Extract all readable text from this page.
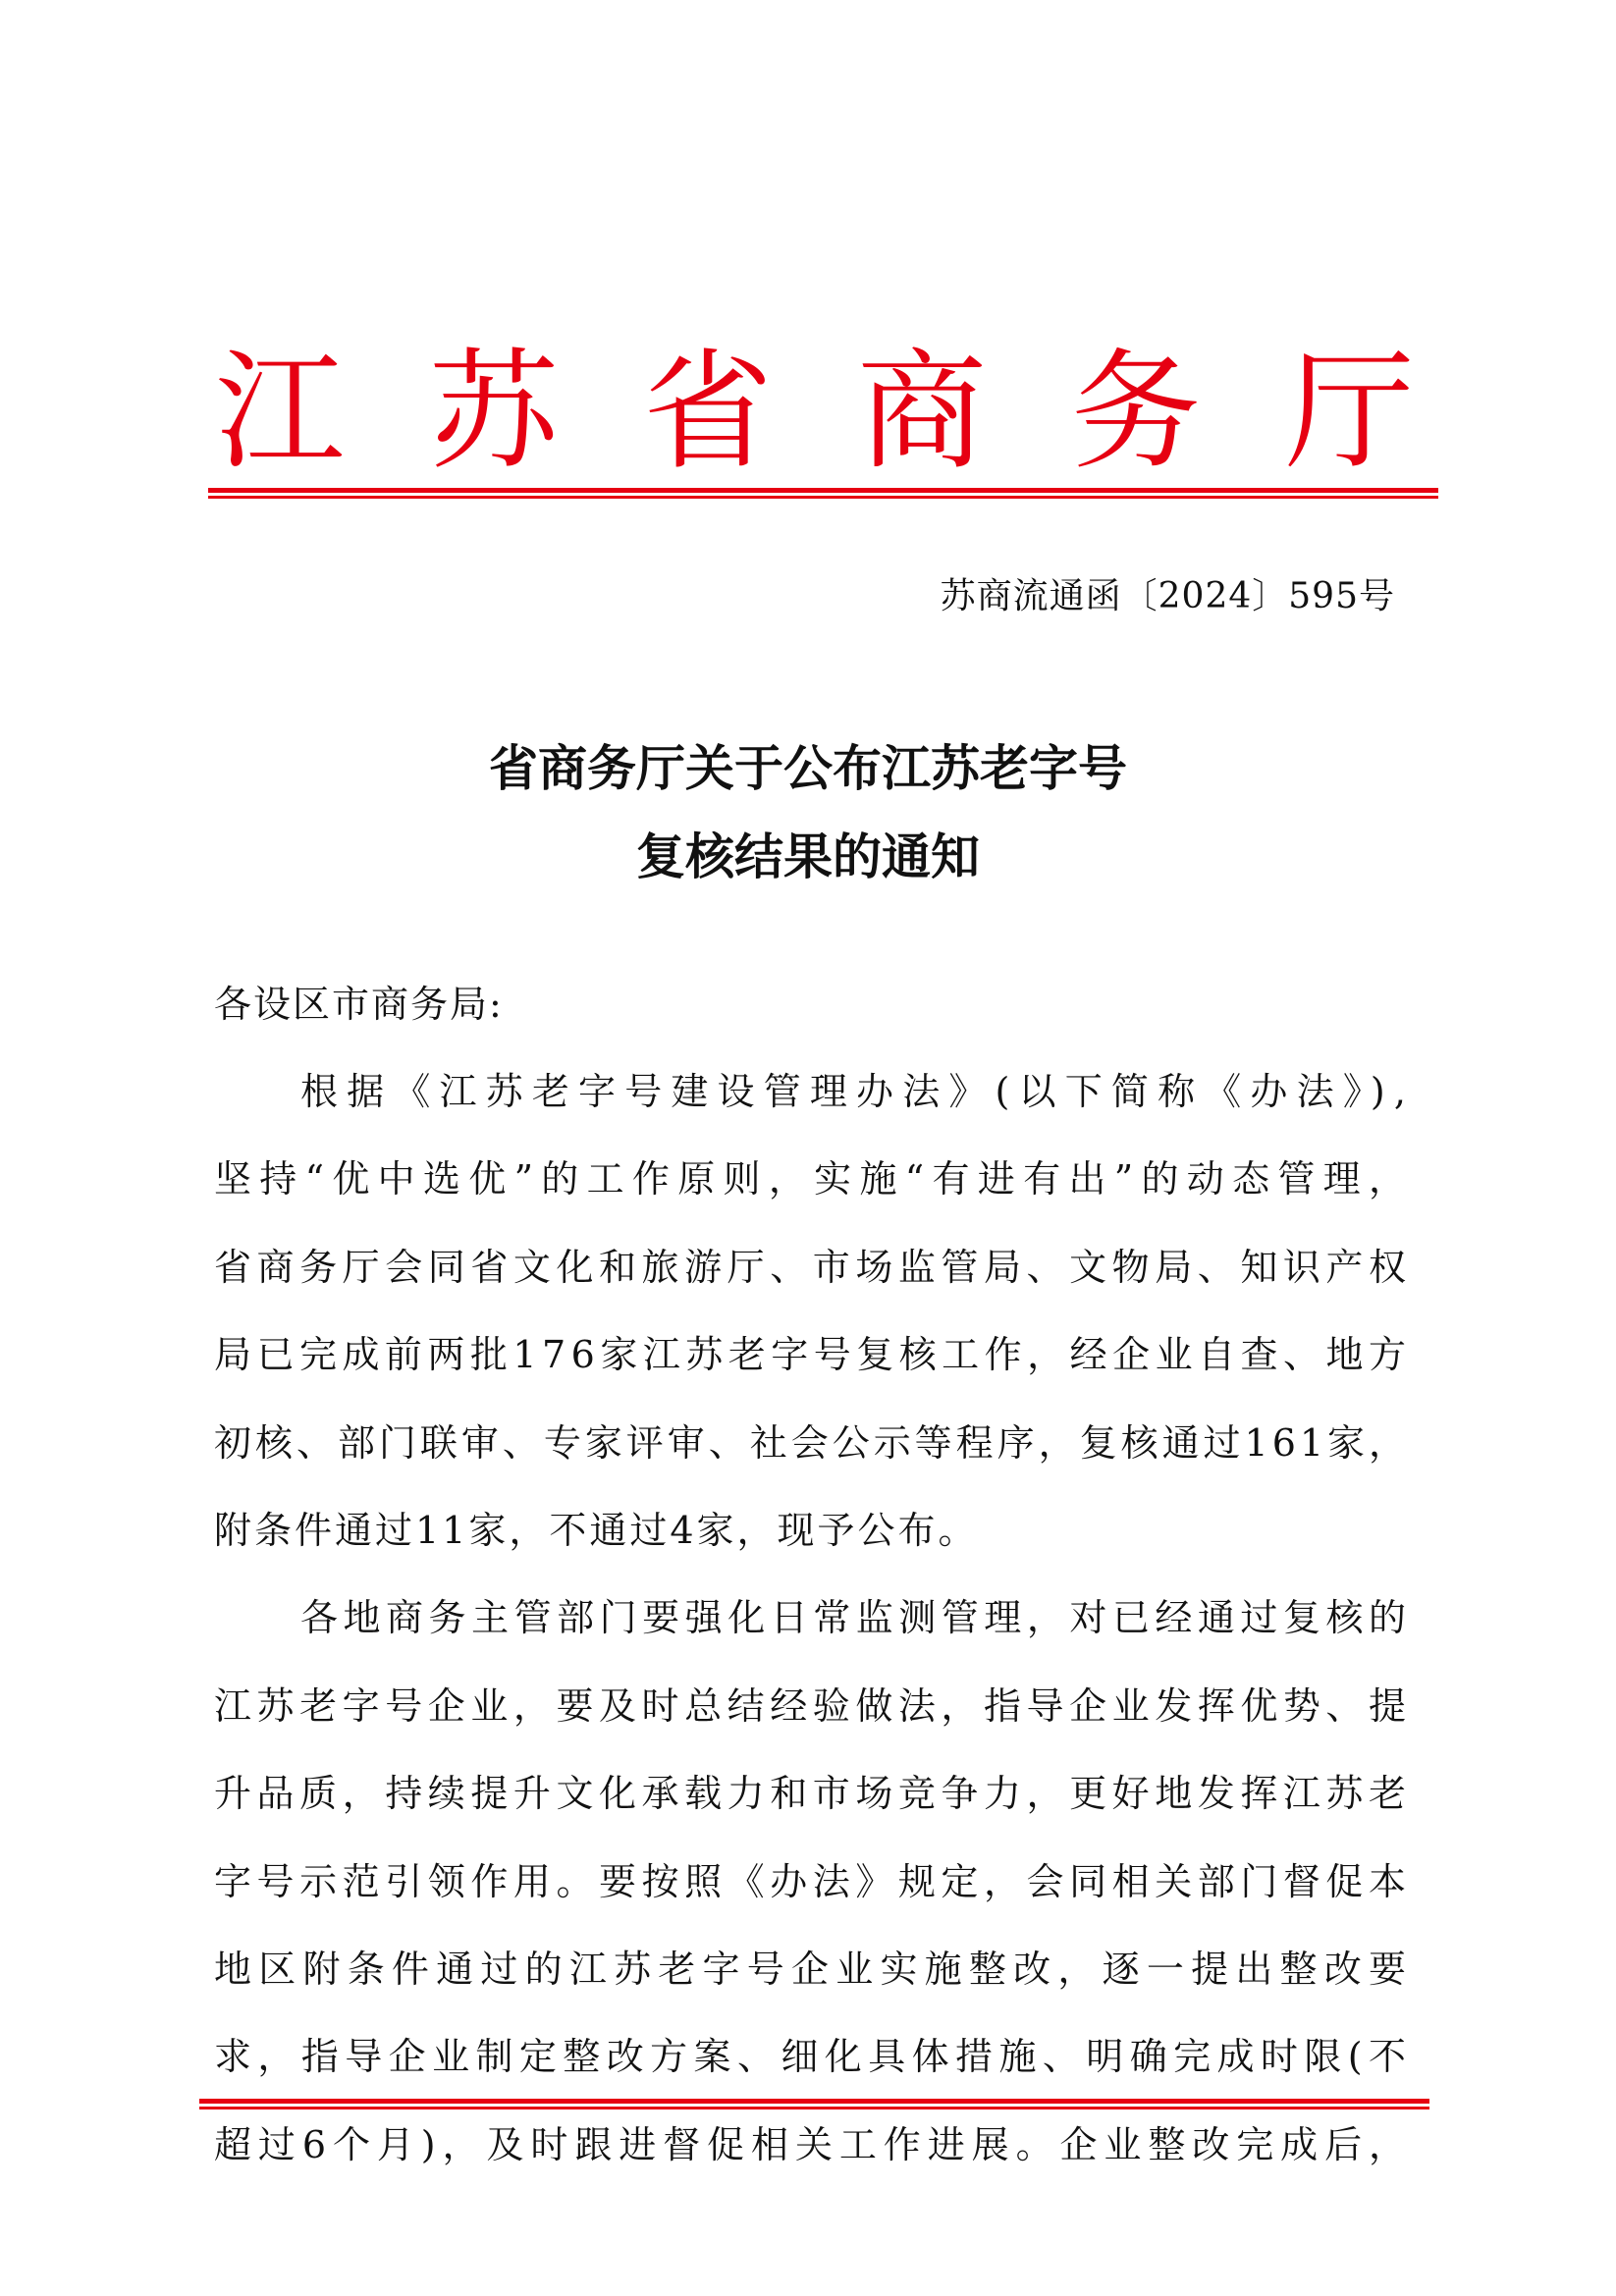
江 苏 省 商 务 厅
苏商流通函〔2024〕595号
省商务厅关于公布江苏老字号
复核结果的通知
各设区市商务局:
根据《江苏老字号建设管理办法》(以下简称《办法》),
坚持“优中选优”的工作原则，实施“有进有出”的动态管理，
省商务厅会同省文化和旅游厅、市场监管局、文物局、知识产权
局已完成前两批176家江苏老字号复核工作，经企业自查、地方
初核、部门联审、专家评审、社会公示等程序，复核通过161家，
附条件通过11家，不通过4家，现予公布。
各地商务主管部门要强化日常监测管理，对已经通过复核的
江苏老字号企业，要及时总结经验做法，指导企业发挥优势、提
升品质，持续提升文化承载力和市场竞争力，更好地发挥江苏老
字号示范引领作用。要按照《办法》规定，会同相关部门督促本
地区附条件通过的江苏老字号企业实施整改，逐一提出整改要
求，指导企业制定整改方案、细化具体措施、明确完成时限(不
超过6个月)，及时跟进督促相关工作进展。企业整改完成后，
